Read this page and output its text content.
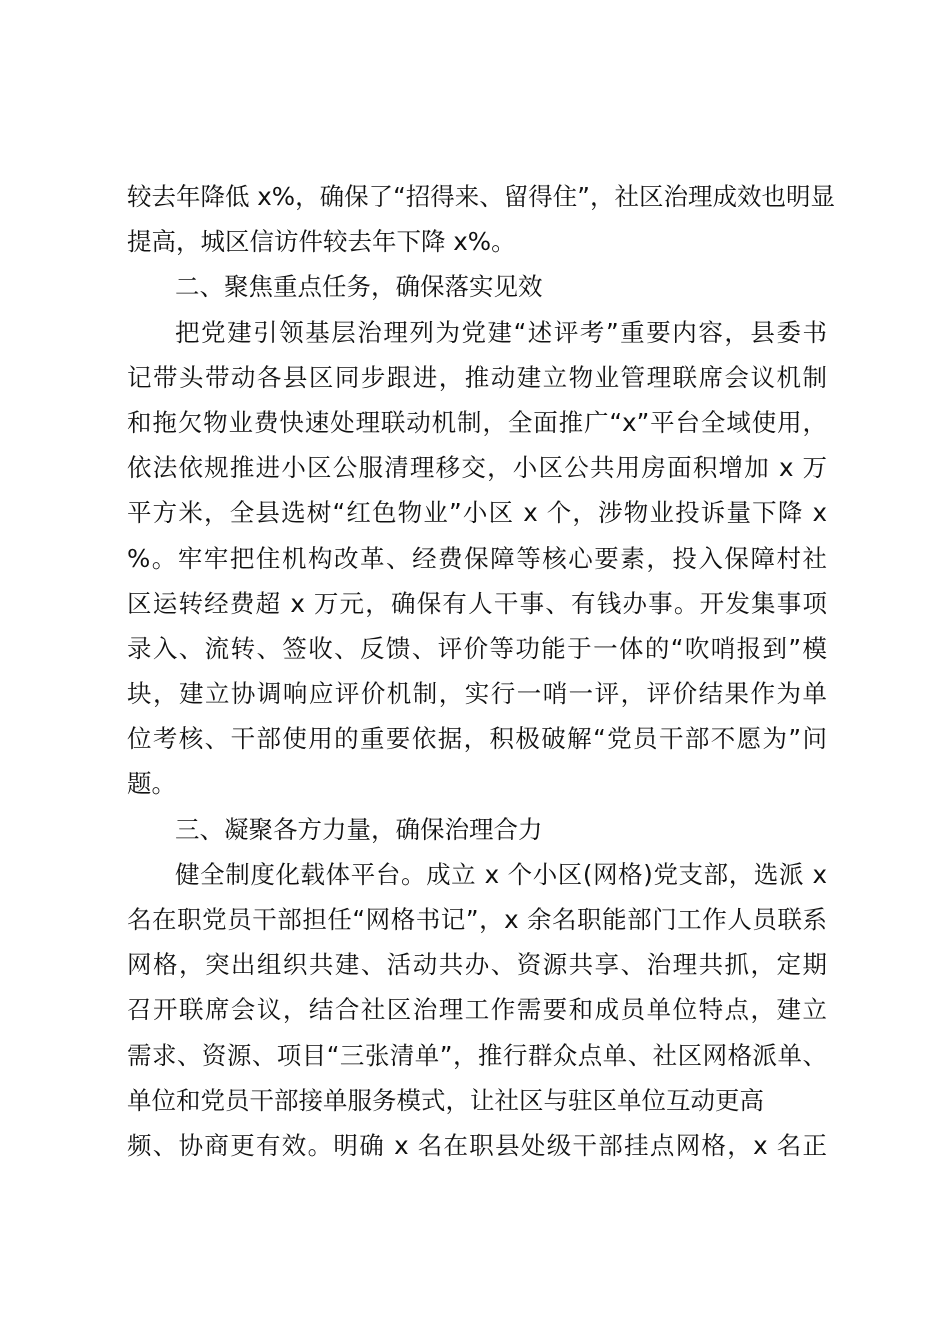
较去年降低 x%，确保了“招得来、留得住”，社区治理成效也明显
提高，城区信访件较去年下降 x%。
二、聚焦重点任务，确保落实见效
把党建引领基层治理列为党建“述评考”重要内容，县委书
记带头带动各县区同步跟进，推动建立物业管理联席会议机制
和拖欠物业费快速处理联动机制，全面推广“x”平台全域使用，
依法依规推进小区公服清理移交，小区公共用房面积增加 x 万
平方米，全县选树“红色物业”小区 x 个，涉物业投诉量下降 x
%。牢牢把住机构改革、经费保障等核心要素，投入保障村社
区运转经费超 x 万元，确保有人干事、有钱办事。开发集事项
录入、流转、签收、反馈、评价等功能于一体的“吹哨报到”模
块，建立协调响应评价机制，实行一哨一评，评价结果作为单
位考核、干部使用的重要依据，积极破解“党员干部不愿为”问
题。
三、凝聚各方力量，确保治理合力
健全制度化载体平台。成立 x 个小区(网格)党支部，选派 x
名在职党员干部担任“网格书记”，x 余名职能部门工作人员联系
网格，突出组织共建、活动共办、资源共享、治理共抓，定期
召开联席会议，结合社区治理工作需要和成员单位特点，建立
需求、资源、项目“三张清单”，推行群众点单、社区网格派单、
单位和党员干部接单服务模式，让社区与驻区单位互动更高
频、协商更有效。明确 x 名在职县处级干部挂点网格，x 名正
